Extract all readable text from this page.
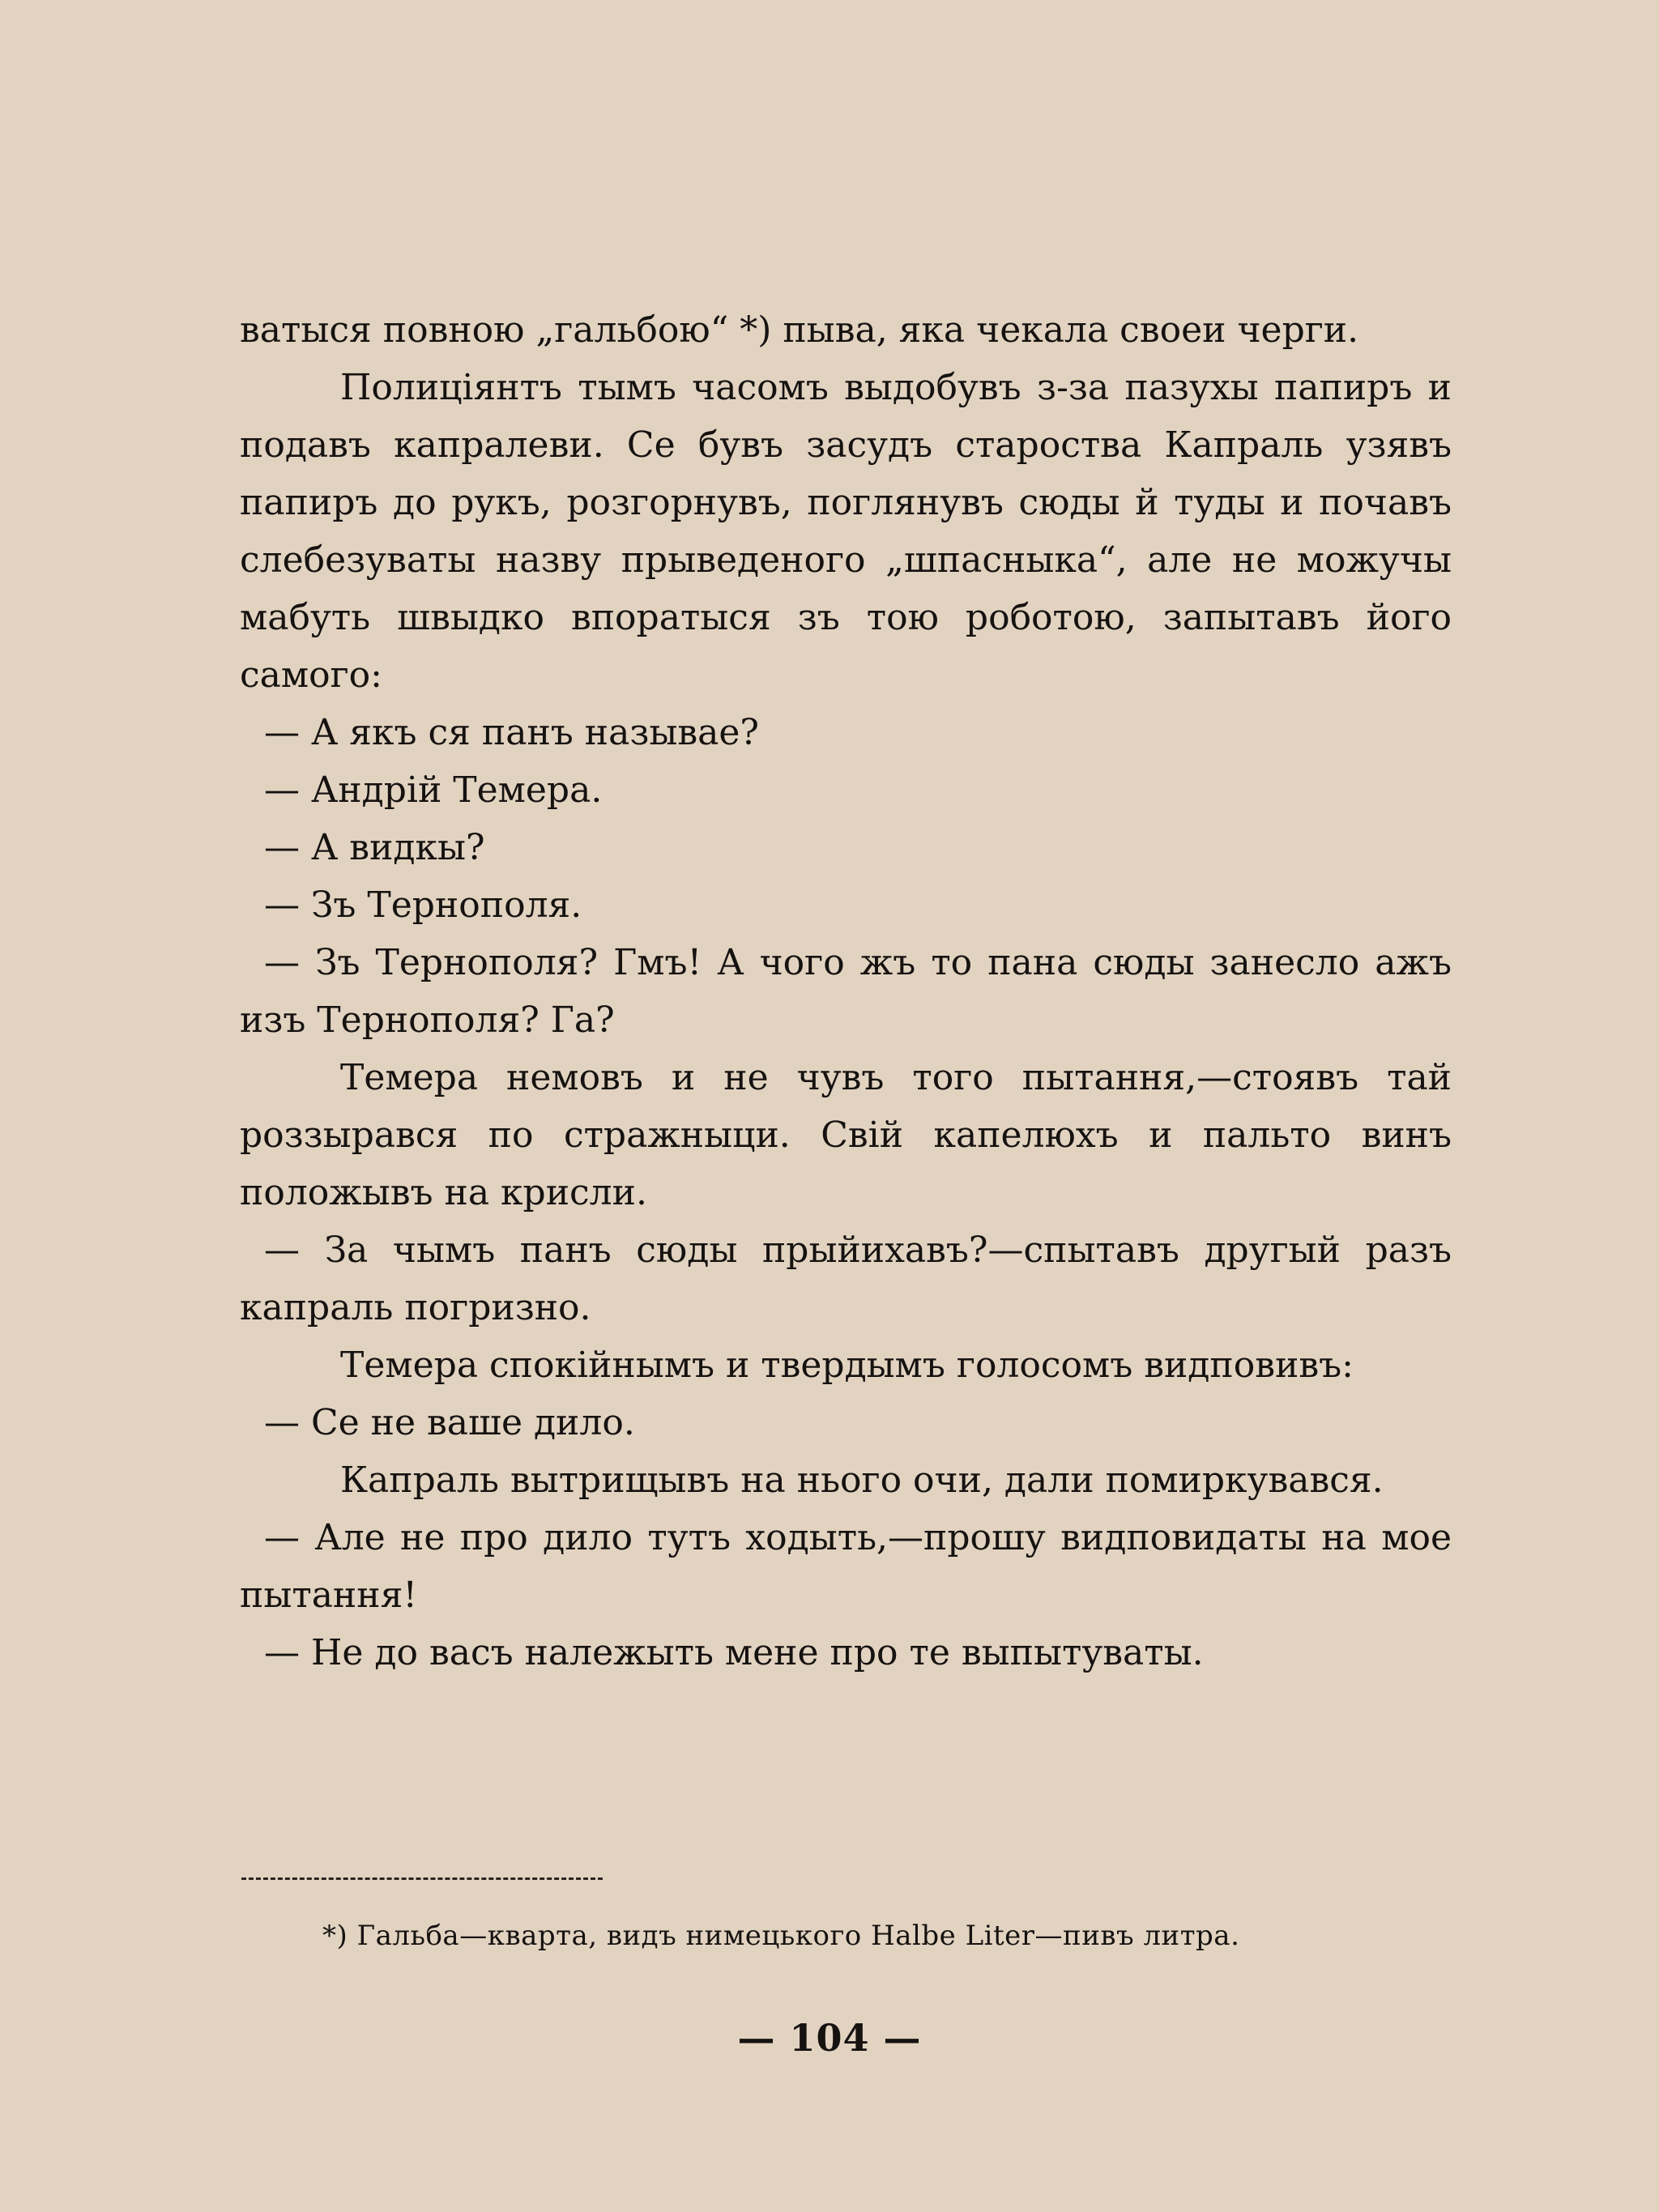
ватыся повною „гальбою“ *) пыва, яка чекала своеи черги.

Полиціянтъ тымъ часомъ выдобувъ з-за пазухы папиръ и подавъ капралеви. Се бувъ засудъ староства Капраль узявъ папиръ до рукъ, розгорнувъ, поглянувъ сюды й туды и почавъ слебезуваты назву прыведеного „шпасныка“, але не можучы мабуть швыдко впоратыся зъ тою роботою, запытавъ його самого:

— А якъ ся панъ называе?

— Андрій Темера.

— А видкы?

— Зъ Тернополя.

— Зъ Тернополя? Гмъ! А чого жъ то пана сюды занесло ажъ изъ Тернополя? Га?

Темера немовъ и не чувъ того пытання,—стоявъ тай роззырався по стражныци. Свій капелюхъ и пальто винъ положывъ на крисли.

— За чымъ панъ сюды прыйихавъ?—спытавъ другый разъ капраль погризно.

Темера спокійнымъ и твердымъ голосомъ видповивъ:

— Се не ваше дило.

Капраль вытрищывъ на нього очи, дали помиркувався.

— Але не про дило тутъ ходыть,—прошу видповидаты на мое пытання!

— Не до васъ належыть мене про те выпытуваты.

*) Гальба—кварта, видъ нимецького Halbe Liter—пивъ литра.
— 104 —
